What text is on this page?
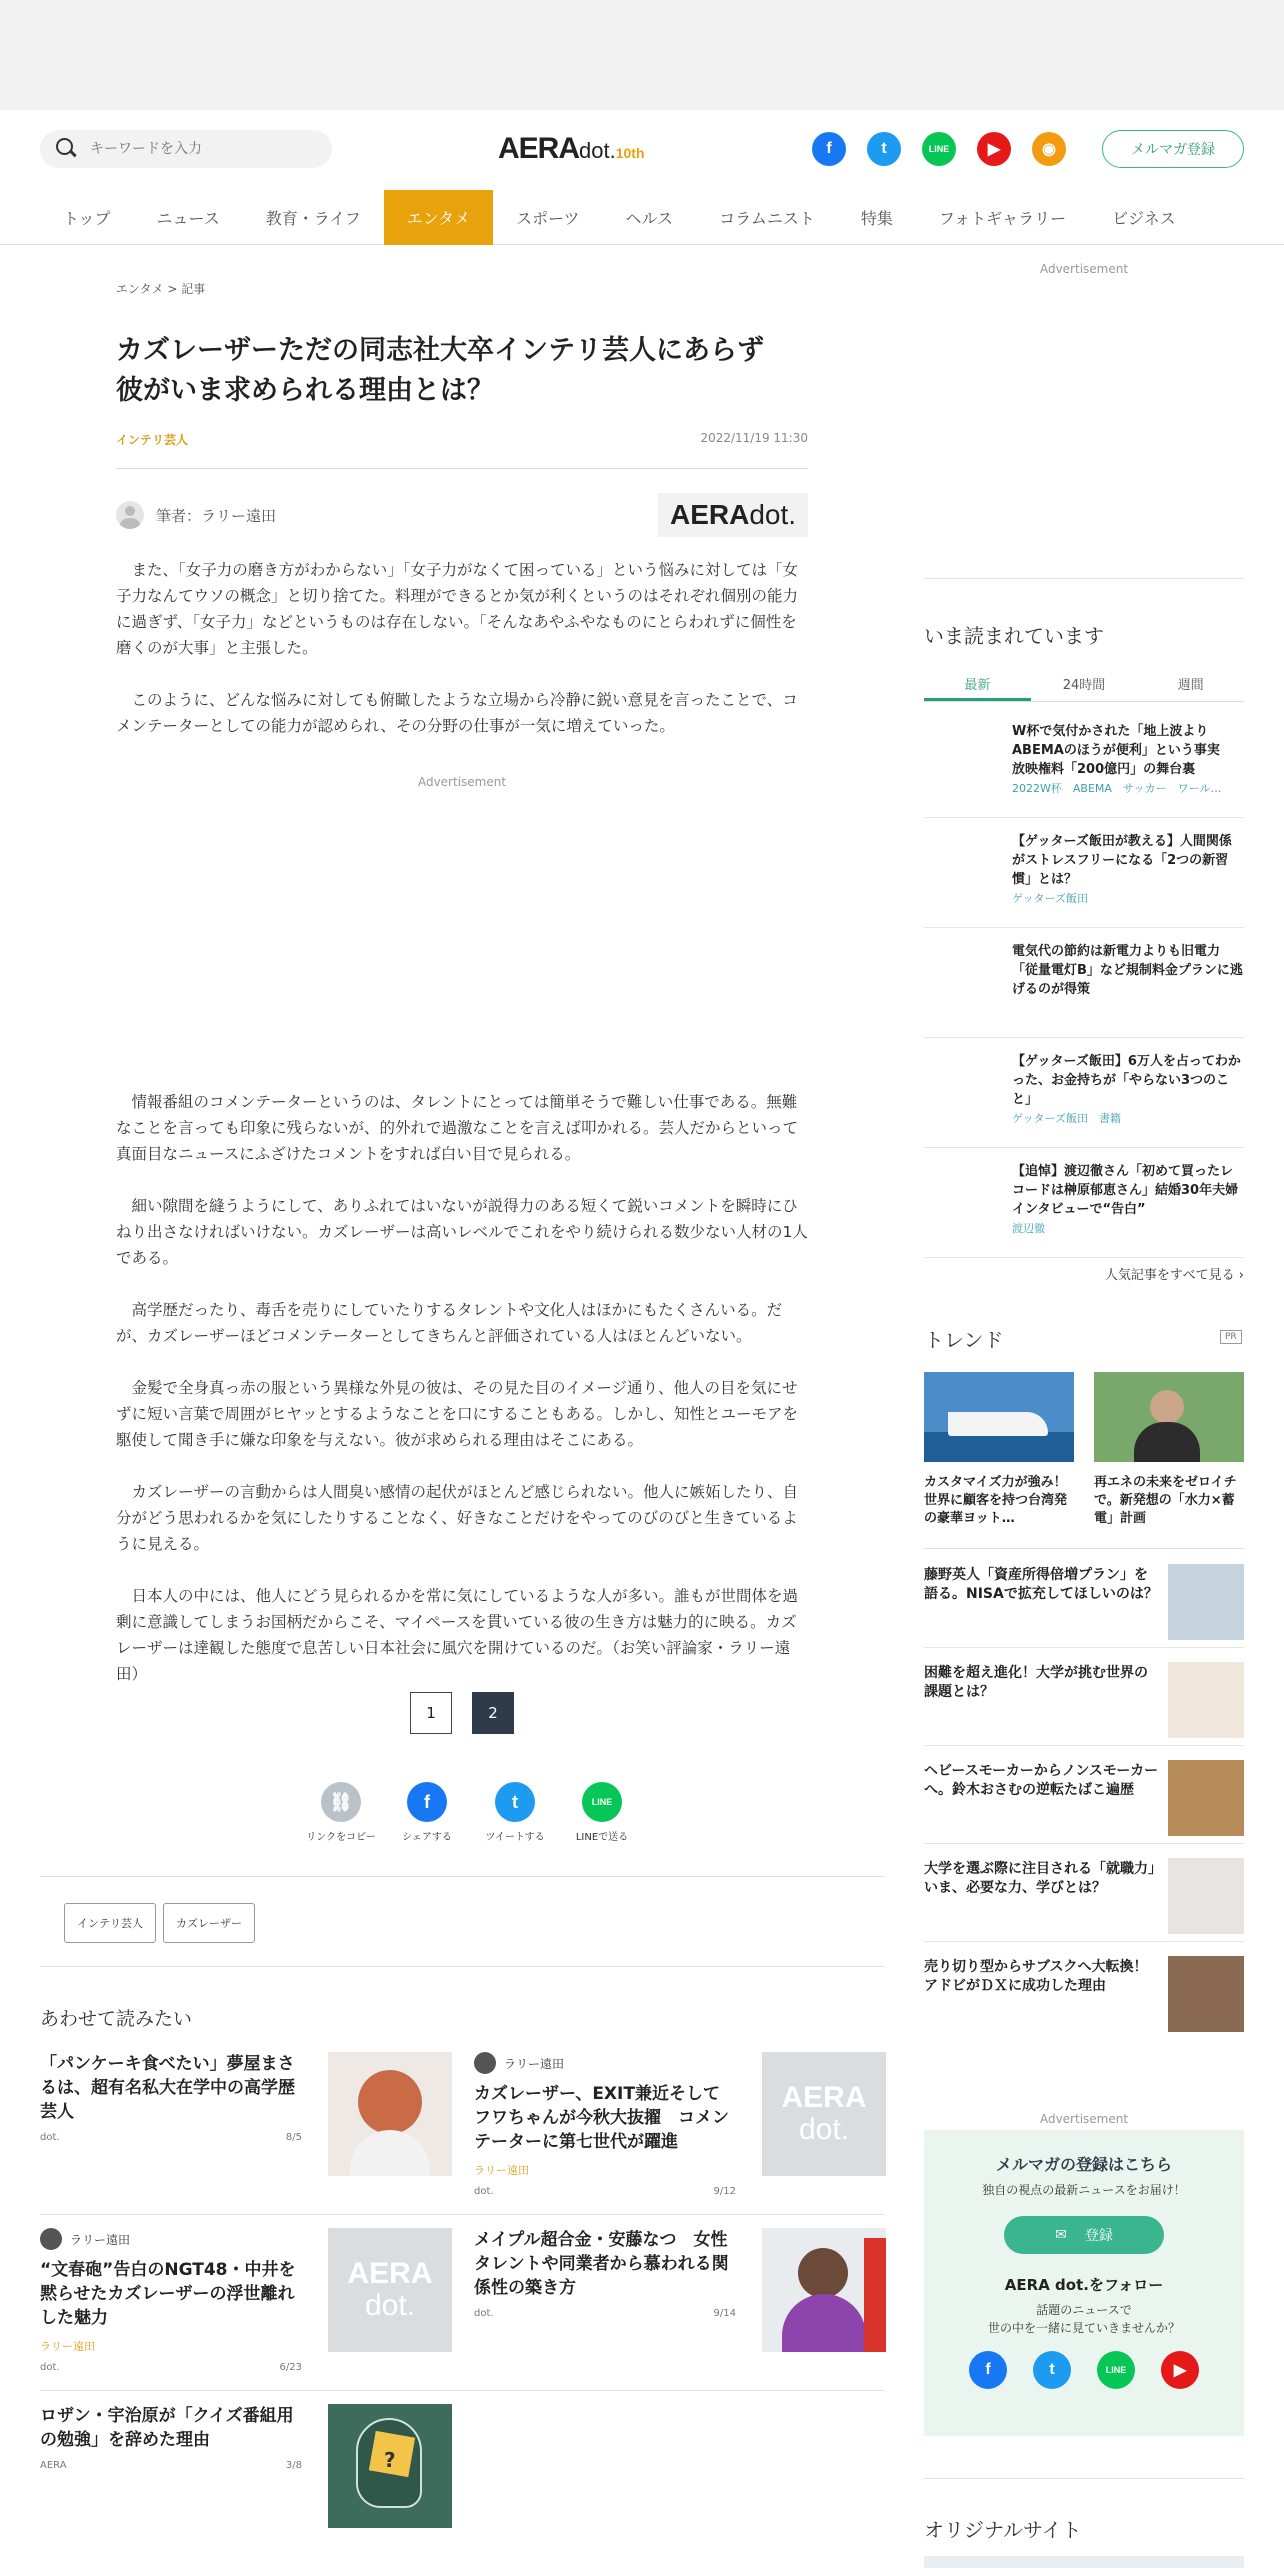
キーワードを入力
AERA dot. 10th	f	t	LINE	▶	◉	メルマガ登録
トップ	ニュース	教育・ライフ	エンタメ	スポーツ	ヘルス	コラムニスト	特集	フォトギャラリー	ビジネス
エンタメ > 記事
カズレーザーただの同志社大卒インテリ芸人にあらず　彼がいま求められる理由とは？
インテリ芸人	2022/11/19 11:30
筆者：ラリー遠田	AERA dot.

また、「女子力の磨き方がわからない」「女子力がなくて困っている」という悩みに対しては「女子力なんてウソの概念」と切り捨てた。料理ができるとか気が利くというのはそれぞれ個別の能力に過ぎず、「女子力」などというものは存在しない。「そんなあやふやなものにとらわれずに個性を磨くのが大事」と主張した。

このように、どんな悩みに対しても俯瞰したような立場から冷静に鋭い意見を言ったことで、コメンテーターとしての能力が認められ、その分野の仕事が一気に増えていった。

Advertisement

情報番組のコメンテーターというのは、タレントにとっては簡単そうで難しい仕事である。無難なことを言っても印象に残らないが、的外れで過激なことを言えば叩かれる。芸人だからといって真面目なニュースにふざけたコメントをすれば白い目で見られる。

細い隙間を縫うようにして、ありふれてはいないが説得力のある短くて鋭いコメントを瞬時にひねり出さなければいけない。カズレーザーは高いレベルでこれをやり続けられる数少ない人材の1人である。

高学歴だったり、毒舌を売りにしていたりするタレントや文化人はほかにもたくさんいる。だが、カズレーザーほどコメンテーターとしてきちんと評価されている人はほとんどいない。

金髪で全身真っ赤の服という異様な外見の彼は、その見た目のイメージ通り、他人の目を気にせずに短い言葉で周囲がヒヤッとするようなことを口にすることもある。しかし、知性とユーモアを駆使して聞き手に嫌な印象を与えない。彼が求められる理由はそこにある。

カズレーザーの言動からは人間臭い感情の起伏がほとんど感じられない。他人に嫉妬したり、自分がどう思われるかを気にしたりすることなく、好きなことだけをやってのびのびと生きているように見える。

日本人の中には、他人にどう見られるかを常に気にしているような人が多い。誰もが世間体を過剰に意識してしまうお国柄だからこそ、マイペースを貫いている彼の生き方は魅力的に映る。カズレーザーは達観した態度で息苦しい日本社会に風穴を開けているのだ。（お笑い評論家・ラリー遠田）

1	2
⛓
リンクをコピー
f
シェアする
t
ツイートする
LINE
LINEで送る
インテリ芸人	カズレーザー
あわせて読みたい
「パンケーキ食べたい」夢屋まさるは、超有名私大在学中の高学歴芸人
dot.	8/5
ラリー遠田
カズレーザー、EXIT兼近そしてフワちゃんが今秋大抜擢　コメンテーターに第七世代が躍進
ラリー遠田
dot.	9/12
AERA
dot.
ラリー遠田
“文春砲”告白のNGT48・中井を黙らせたカズレーザーの浮世離れした魅力
ラリー遠田
dot.	6/23
AERA
dot.
メイプル超合金・安藤なつ　女性タレントや同業者から慕われる関係性の築き方
dot.	9/14
ロザン・宇治原が「クイズ番組用の勉強」を辞めた理由
AERA	3/8	?
Advertisement
いま読まれています
最新	24時間	週間
W杯で気付かされた「地上波よりABEMAのほうが便利」という事実　放映権料「200億円」の舞台裏
2022W杯　ABEMA　サッカー　ワール…
【ゲッターズ飯田が教える】人間関係がストレスフリーになる「2つの新習慣」とは？
ゲッターズ飯田
電気代の節約は新電力よりも旧電力「従量電灯B」など規制料金プランに逃げるのが得策
【ゲッターズ飯田】6万人を占ってわかった、お金持ちが「やらない3つのこと」
ゲッターズ飯田　書籍
【追悼】渡辺徹さん「初めて買ったレコードは榊原郁恵さん」結婚30年夫婦インタビューで“告白”
渡辺徹
人気記事をすべて見る ›
トレンド	PR
カスタマイズ力が強み！世界に顧客を持つ台湾発の豪華ヨット…
再エネの未来をゼロイチで。新発想の「水力×蓄電」計画
藤野英人「資産所得倍増プラン」を語る。NISAで拡充してほしいのは？
困難を超え進化！大学が挑む世界の課題とは？
ヘビースモーカーからノンスモーカーへ。鈴木おさむの逆転たばこ遍歴
大学を選ぶ際に注目される「就職力」いま、必要な力、学びとは？
売り切り型からサブスクへ大転換！アドビがＤＸに成功した理由
Advertisement
メルマガの登録はこちら
独自の視点の最新ニュースをお届け！
✉ 登録
AERA dot.をフォロー
話題のニュースで
世の中を一緒に見ていきませんか？
f	t	LINE	▶
オリジナルサイト
